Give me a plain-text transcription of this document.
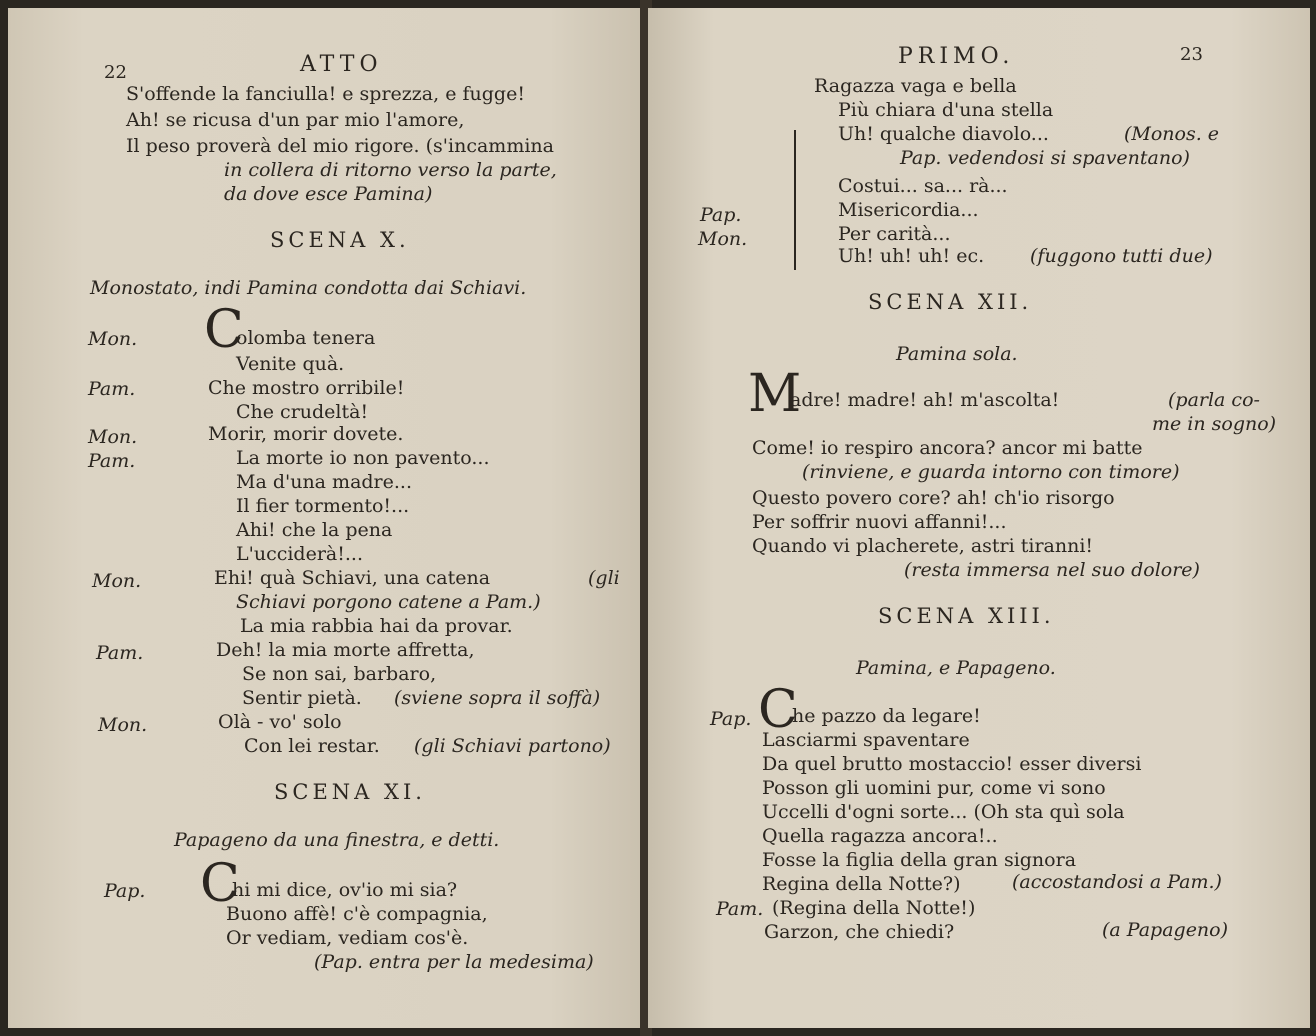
22	ATTO
S'offende la fanciulla! e sprezza, e fugge!
Ah! se ricusa d'un par mio l'amore,
Il peso proverà del mio rigore. (s'incammina
in collera di ritorno verso la parte,
da dove esce Pamina)
SCENA X.
Monostato, indi Pamina condotta dai Schiavi.
Mon. C
olomba tenera
Venite quà.
Pam.	Che mostro orribile!
Che crudeltà!
Mon.	Morir, morir dovete.
Pam.	La morte io non pavento...
Ma d'una madre...
Il fier tormento!...
Ahi! che la pena
L'ucciderà!...
Mon.	Ehi! quà Schiavi, una catena	(gli
Schiavi porgono catene a Pam.)
La mia rabbia hai da provar.
Pam.	Deh! la mia morte affretta,
Se non sai, barbaro,
Sentir pietà. (sviene sopra il soffà)
Mon.	Olà - vo' solo
Con lei restar. (gli Schiavi partono)
SCENA XI.
Papageno da una finestra, e detti.
Pap. C
hi mi dice, ov'io mi sia?
Buono affè! c'è compagnia,
Or vediam, vediam cos'è.
(Pap. entra per la medesima)
PRIMO.	23
Ragazza vaga e bella
Più chiara d'una stella
Uh! qualche diavolo...	(Monos. e
Pap. vedendosi si spaventano)
Pap.
Mon.
Costui... sa... rà...
Misericordia...
Per carità...
Uh! uh! uh! ec. (fuggono tutti due)
SCENA XII.
Pamina sola.
M
adre! madre! ah! m'ascolta!	(parla co-
me in sogno)
Come! io respiro ancora? ancor mi batte
(rinviene, e guarda intorno con timore)
Questo povero core? ah! ch'io risorgo
Per soffrir nuovi affanni!...
Quando vi placherete, astri tiranni!
(resta immersa nel suo dolore)
SCENA XIII.
Pamina, e Papageno.
Pap. C
he pazzo da legare!
Lasciarmi spaventare
Da quel brutto mostaccio! esser diversi
Posson gli uomini pur, come vi sono
Uccelli d'ogni sorte... (Oh sta quì sola
Quella ragazza ancora!..
Fosse la figlia della gran signora
Regina della Notte?)	(accostandosi a Pam.)
Pam. (Regina della Notte!)
Garzon, che chiedi?	(a Papageno)
